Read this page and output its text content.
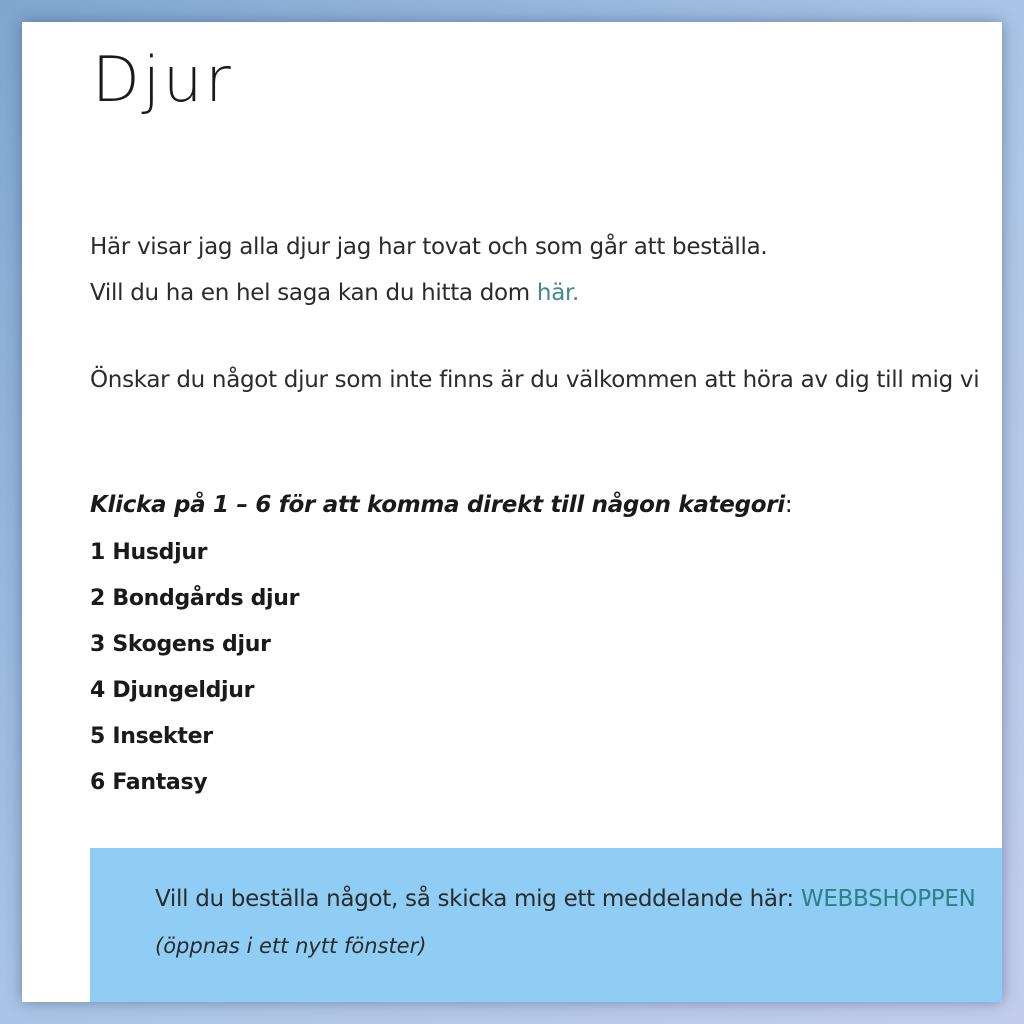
Djur
Här visar jag alla djur jag har tovat och som går att beställa.
Vill du ha en hel saga kan du hitta dom här.
Önskar du något djur som inte finns är du välkommen att höra av dig till mig vi
Klicka på 1 – 6 för att komma direkt till någon kategori:
1 Husdjur
2 Bondgårds djur
3 Skogens djur
4 Djungeldjur
5 Insekter
6 Fantasy
Vill du beställa något, så skicka mig ett meddelande här: WEBBSHOPPEN
(öppnas i ett nytt fönster)
